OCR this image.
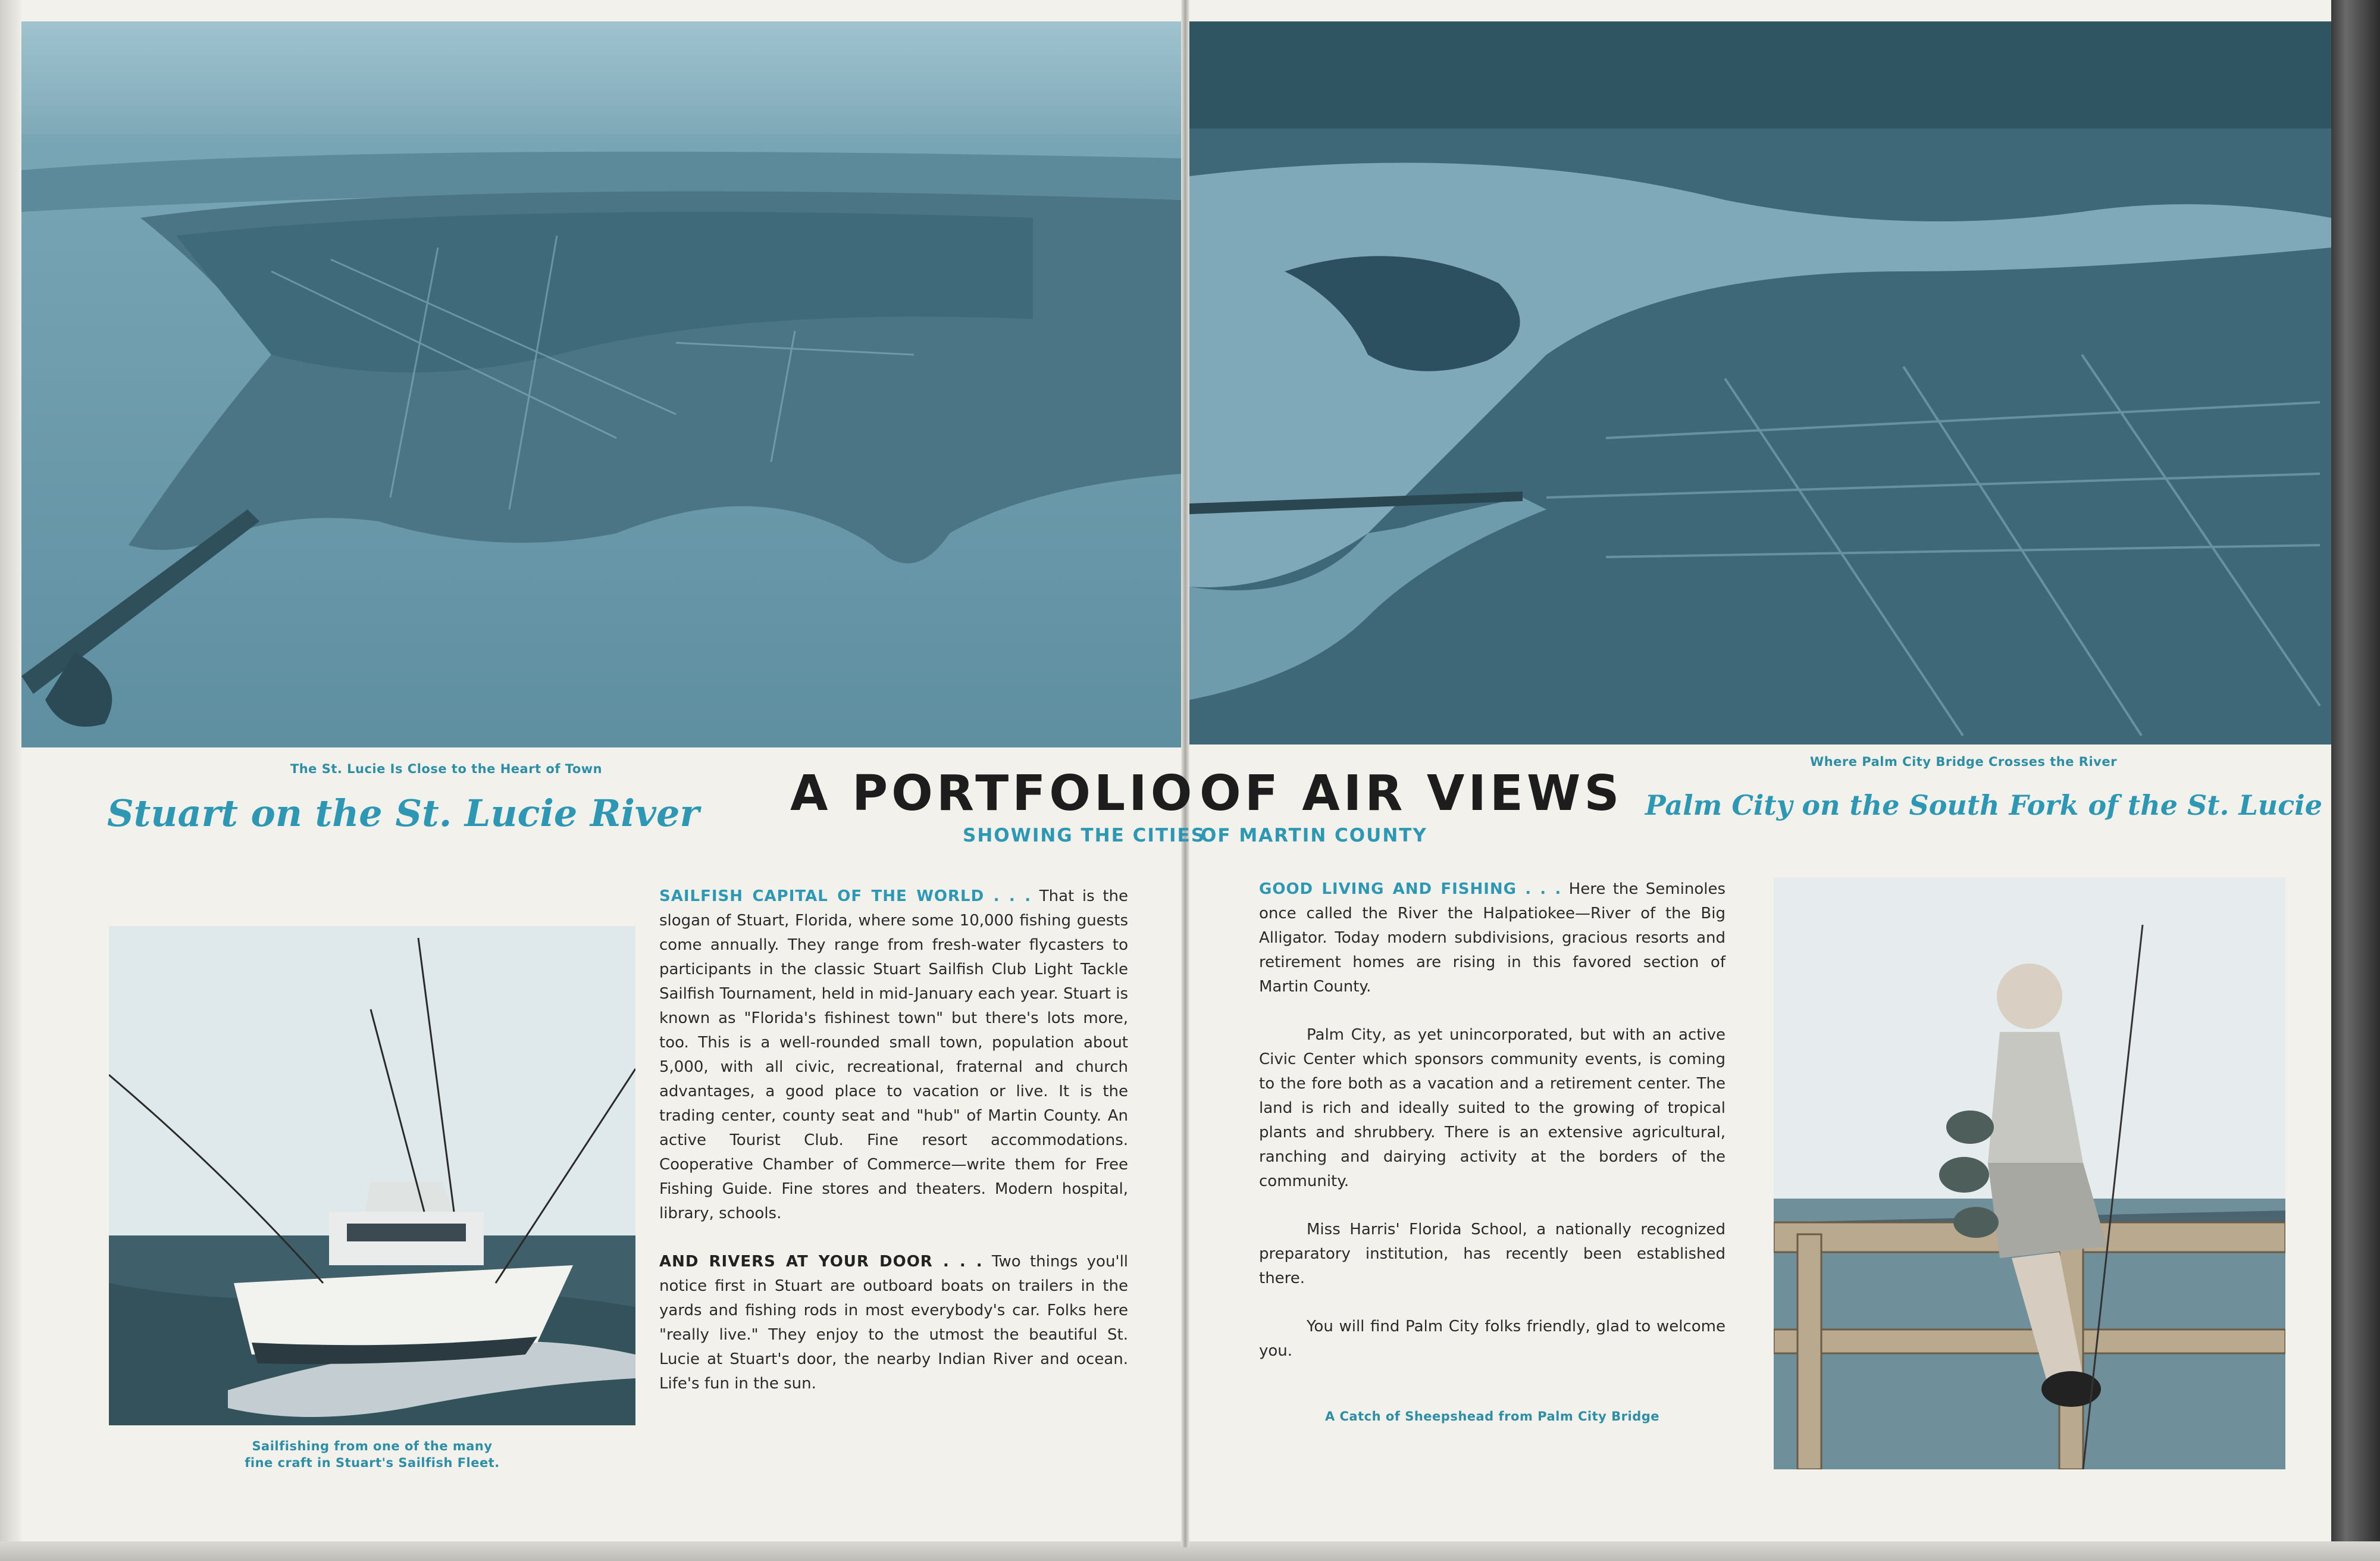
The St. Lucie Is Close to the Heart of Town	Where Palm City Bridge Crosses the River
Stuart on the St. Lucie River	Palm City on the South Fork of the St. Lucie
A PORTFOLIO OF AIR VIEWS
SHOWING THE CITIES
OF MARTIN COUNTY
Sailfishing from one of the many
fine craft in Stuart's Sailfish Fleet.

SAILFISH CAPITAL OF THE WORLD . . . That is the slogan of Stuart, Florida, where some 10,000 fishing guests come annually. They range from fresh-water flycasters to participants in the classic Stuart Sailfish Club Light Tackle Sailfish Tournament, held in mid-January each year. Stuart is known as "Florida's fishinest town" but there's lots more, too. This is a well-rounded small town, population about 5,000, with all civic, recreational, fraternal and church advantages, a good place to vacation or live. It is the trading center, county seat and "hub" of Martin County. An active Tourist Club. Fine resort accommodations. Cooperative Chamber of Commerce—write them for Free Fishing Guide. Fine stores and theaters. Modern hospital, library, schools.

AND RIVERS AT YOUR DOOR . . . Two things you'll notice first in Stuart are outboard boats on trailers in the yards and fishing rods in most everybody's car. Folks here "really live." They enjoy to the utmost the beautiful St. Lucie at Stuart's door, the nearby Indian River and ocean. Life's fun in the sun.

GOOD LIVING AND FISHING . . . Here the Seminoles once called the River the Halpatiokee—River of the Big Alligator. Today modern subdivisions, gracious resorts and retirement homes are rising in this favored section of Martin County.

Palm City, as yet unincorporated, but with an active Civic Center which sponsors community events, is coming to the fore both as a vacation and a retirement center. The land is rich and ideally suited to the growing of tropical plants and shrubbery. There is an extensive agricultural, ranching and dairying activity at the borders of the community.

Miss Harris' Florida School, a nationally recognized preparatory institution, has recently been established there.

You will find Palm City folks friendly, glad to welcome you.

A Catch of Sheepshead from Palm City Bridge
